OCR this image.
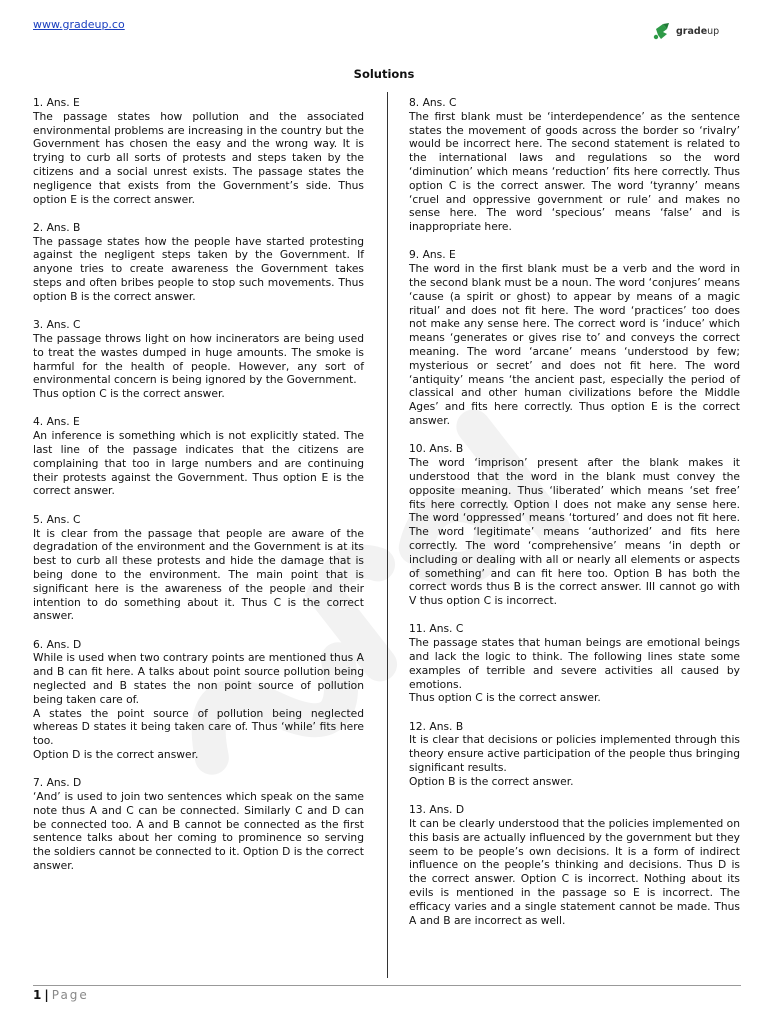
www.gradeup.co	gradeup
Solutions

1. Ans. E

The passage states how pollution and the associated environmental problems are increasing in the country but the Government has chosen the easy and the wrong way. It is trying to curb all sorts of protests and steps taken by the citizens and a social unrest exists. The passage states the negligence that exists from the Government’s side. Thus option E is the correct answer.

2. Ans. B

The passage states how the people have started protesting against the negligent steps taken by the Government. If anyone tries to create awareness the Government takes steps and often bribes people to stop such movements. Thus option B is the correct answer.

3. Ans. C

The passage throws light on how incinerators are being used to treat the wastes dumped in huge amounts. The smoke is harmful for the health of people. However, any sort of environmental concern is being ignored by the Government.

Thus option C is the correct answer.

4. Ans. E

An inference is something which is not explicitly stated. The last line of the passage indicates that the citizens are complaining that too in large numbers and are continuing their protests against the Government. Thus option E is the correct answer.

5. Ans. C

It is clear from the passage that people are aware of the degradation of the environment and the Government is at its best to curb all these protests and hide the damage that is being done to the environment. The main point that is significant here is the awareness of the people and their intention to do something about it. Thus C is the correct answer.

6. Ans. D

While is used when two contrary points are mentioned thus A and B can fit here. A talks about point source pollution being neglected and B states the non point source of pollution being taken care of.

A states the point source of pollution being neglected whereas D states it being taken care of. Thus ‘while’ fits here too.

Option D is the correct answer.

7. Ans. D

‘And’ is used to join two sentences which speak on the same note thus A and C can be connected. Similarly C and D can be connected too. A and B cannot be connected as the first sentence talks about her coming to prominence so serving the soldiers cannot be connected to it. Option D is the correct answer.

8. Ans. C

The first blank must be ‘interdependence’ as the sentence states the movement of goods across the border so ‘rivalry’ would be incorrect here. The second statement is related to the international laws and regulations so the word ‘diminution’ which means ‘reduction’ fits here correctly. Thus option C is the correct answer. The word ‘tyranny’ means ‘cruel and oppressive government or rule’ and makes no sense here. The word ‘specious’ means ‘false’ and is inappropriate here.

9. Ans. E

The word in the first blank must be a verb and the word in the second blank must be a noun. The word ‘conjures’ means ‘cause (a spirit or ghost) to appear by means of a magic ritual’ and does not fit here. The word ‘practices’ too does not make any sense here. The correct word is ‘induce’ which means ‘generates or gives rise to’ and conveys the correct meaning. The word ‘arcane’ means ‘understood by few; mysterious or secret’ and does not fit here. The word ‘antiquity’ means ‘the ancient past, especially the period of classical and other human civilizations before the Middle Ages’ and fits here correctly. Thus option E is the correct answer.

10. Ans. B

The word ‘imprison’ present after the blank makes it understood that the word in the blank must convey the opposite meaning. Thus ‘liberated’ which means ‘set free’ fits here correctly. Option I does not make any sense here. The word ‘oppressed’ means ‘tortured’ and does not fit here. The word ‘legitimate’ means ‘authorized’ and fits here correctly. The word ‘comprehensive’ means ‘in depth or including or dealing with all or nearly all elements or aspects of something’ and can fit here too. Option B has both the correct words thus B is the correct answer. III cannot go with V thus option C is incorrect.

11. Ans. C

The passage states that human beings are emotional beings and lack the logic to think. The following lines state some examples of terrible and severe activities all caused by emotions.

Thus option C is the correct answer.

12. Ans. B

It is clear that decisions or policies implemented through this theory ensure active participation of the people thus bringing significant results.

Option B is the correct answer.

13. Ans. D

It can be clearly understood that the policies implemented on this basis are actually influenced by the government but they seem to be people’s own decisions. It is a form of indirect influence on the people’s thinking and decisions. Thus D is the correct answer. Option C is incorrect. Nothing about its evils is mentioned in the passage so E is incorrect. The efficacy varies and a single statement cannot be made. Thus A and B are incorrect as well.

1 | Page
